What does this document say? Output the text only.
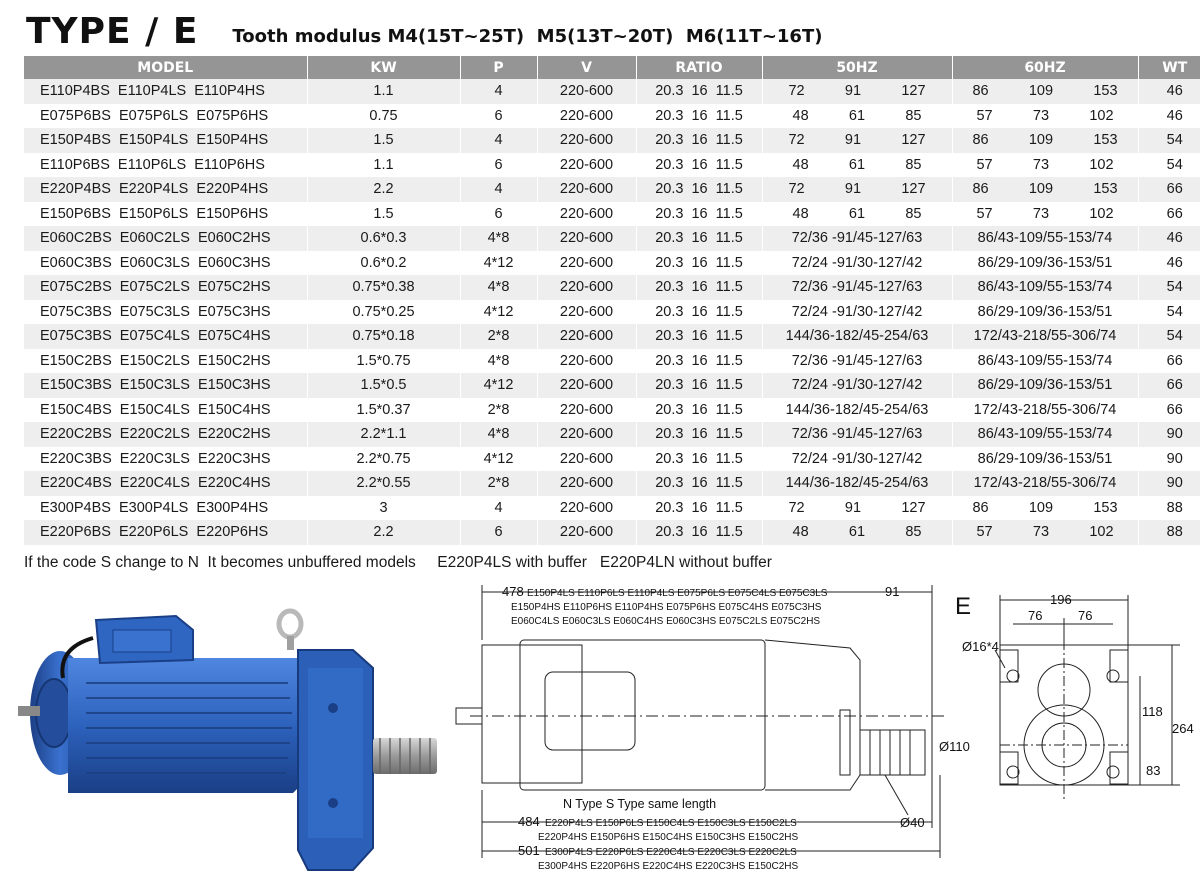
TYPE / E Tooth modulus M4(15T~25T)  M5(13T~20T)  M6(11T~16T)
MODEL	KW	P	V	RATIO	50HZ	60HZ	WT
E110P4BS  E110P4LS  E110P4HS	1.1	4	220-600	20.3  16  11.5	72          91          127	86          109          153	46
E075P6BS  E075P6LS  E075P6HS	0.75	6	220-600	20.3  16  11.5	48          61          85	57          73          102	46
E150P4BS  E150P4LS  E150P4HS	1.5	4	220-600	20.3  16  11.5	72          91          127	86          109          153	54
E110P6BS  E110P6LS  E110P6HS	1.1	6	220-600	20.3  16  11.5	48          61          85	57          73          102	54
E220P4BS  E220P4LS  E220P4HS	2.2	4	220-600	20.3  16  11.5	72          91          127	86          109          153	66
E150P6BS  E150P6LS  E150P6HS	1.5	6	220-600	20.3  16  11.5	48          61          85	57          73          102	66
E060C2BS  E060C2LS  E060C2HS	0.6*0.3	4*8	220-600	20.3  16  11.5	72/36 -91/45-127/63	86/43-109/55-153/74	46
E060C3BS  E060C3LS  E060C3HS	0.6*0.2	4*12	220-600	20.3  16  11.5	72/24 -91/30-127/42	86/29-109/36-153/51	46
E075C2BS  E075C2LS  E075C2HS	0.75*0.38	4*8	220-600	20.3  16  11.5	72/36 -91/45-127/63	86/43-109/55-153/74	54
E075C3BS  E075C3LS  E075C3HS	0.75*0.25	4*12	220-600	20.3  16  11.5	72/24 -91/30-127/42	86/29-109/36-153/51	54
E075C3BS  E075C4LS  E075C4HS	0.75*0.18	2*8	220-600	20.3  16  11.5	144/36-182/45-254/63	172/43-218/55-306/74	54
E150C2BS  E150C2LS  E150C2HS	1.5*0.75	4*8	220-600	20.3  16  11.5	72/36 -91/45-127/63	86/43-109/55-153/74	66
E150C3BS  E150C3LS  E150C3HS	1.5*0.5	4*12	220-600	20.3  16  11.5	72/24 -91/30-127/42	86/29-109/36-153/51	66
E150C4BS  E150C4LS  E150C4HS	1.5*0.37	2*8	220-600	20.3  16  11.5	144/36-182/45-254/63	172/43-218/55-306/74	66
E220C2BS  E220C2LS  E220C2HS	2.2*1.1	4*8	220-600	20.3  16  11.5	72/36 -91/45-127/63	86/43-109/55-153/74	90
E220C3BS  E220C3LS  E220C3HS	2.2*0.75	4*12	220-600	20.3  16  11.5	72/24 -91/30-127/42	86/29-109/36-153/51	90
E220C4BS  E220C4LS  E220C4HS	2.2*0.55	2*8	220-600	20.3  16  11.5	144/36-182/45-254/63	172/43-218/55-306/74	90
E300P4BS  E300P4LS  E300P4HS	3	4	220-600	20.3  16  11.5	72          91          127	86          109          153	88
E220P6BS  E220P6LS  E220P6HS	2.2	6	220-600	20.3  16  11.5	48          61          85	57          73          102	88
If the code S change to N  It becomes unbuffered models     E220P4LS with buffer   E220P4LN without buffer
478 E150P4LS E110P6LS E110P4LS E075P6LS E075C4LS E075C3LS
E150P4HS E110P6HS E110P4HS E075P6HS E075C4HS E075C3HS
E060C4LS E060C3LS E060C4HS E060C3HS E075C2LS E075C2HS
91
Ø110
Ø40
N Type S Type same length
484 E220P4LS E150P6LS E150C4LS E150C3LS E150C2LS
E220P4HS E150P6HS E150C4HS E150C3HS E150C2HS
501 E300P4LS E220P6LS E220C4LS E220C3LS E220C2LS
E300P4HS E220P6HS E220C4HS E220C3HS E150C2HS
E	196
76	76
Ø16*4
118
264
83
